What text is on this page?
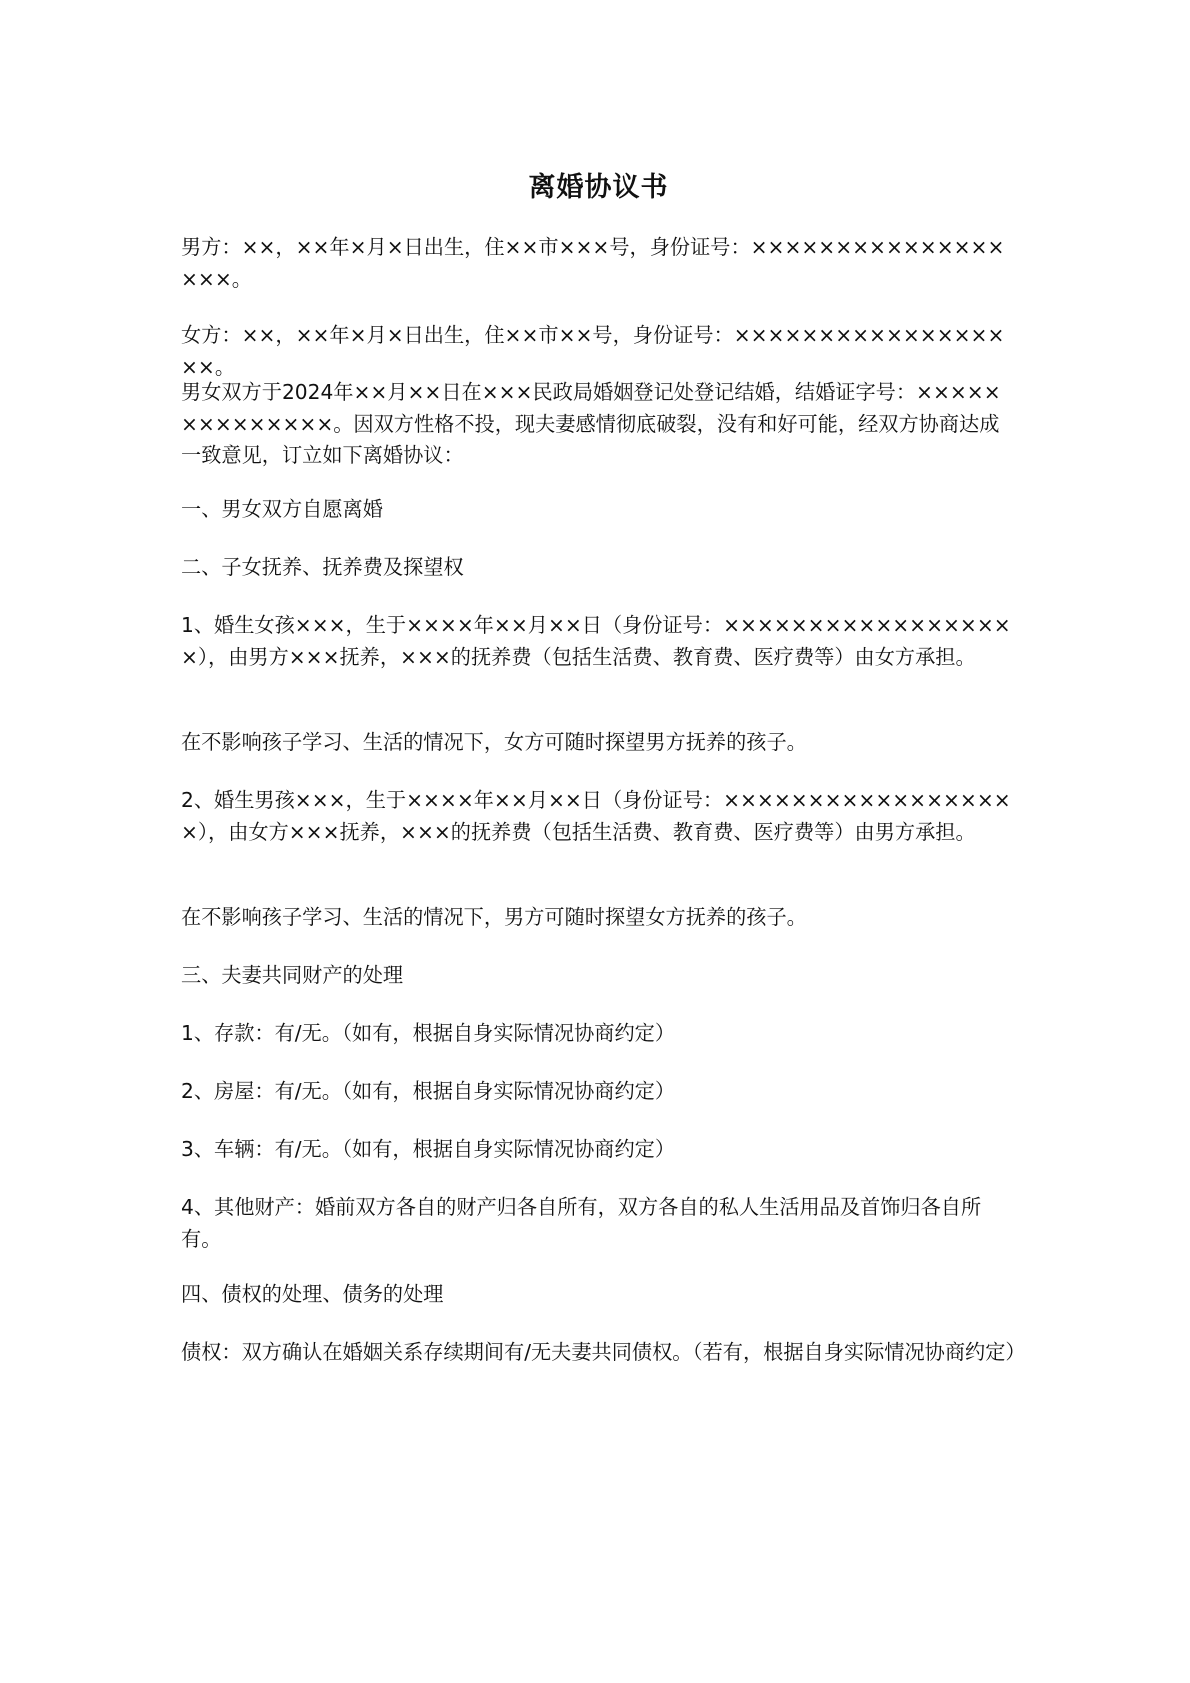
离婚协议书

男方：××，××年×月×日出生，住××市×××号，身份证号：××××××××××××××××××。

女方：××，××年×月×日出生，住××市××号，身份证号：××××××××××××××××××。

男女双方于2024年××月××日在×××民政局婚姻登记处登记结婚，结婚证字号：××××××××××××××。因双方性格不投，现夫妻感情彻底破裂，没有和好可能，经双方协商达成一致意见，订立如下离婚协议：

一、男女双方自愿离婚

二、子女抚养、抚养费及探望权

1、婚生女孩×××，生于××××年××月××日（身份证号：××××××××××××××××××），由男方×××抚养，×××的抚养费（包括生活费、教育费、医疗费等）由女方承担。

在不影响孩子学习、生活的情况下，女方可随时探望男方抚养的孩子。

2、婚生男孩×××，生于××××年××月××日（身份证号：××××××××××××××××××），由女方×××抚养，×××的抚养费（包括生活费、教育费、医疗费等）由男方承担。

在不影响孩子学习、生活的情况下，男方可随时探望女方抚养的孩子。

三、夫妻共同财产的处理

1、存款：有/无。（如有，根据自身实际情况协商约定）

2、房屋：有/无。（如有，根据自身实际情况协商约定）

3、车辆：有/无。（如有，根据自身实际情况协商约定）

4、其他财产：婚前双方各自的财产归各自所有，双方各自的私人生活用品及首饰归各自所有。

四、债权的处理、债务的处理

债权：双方确认在婚姻关系存续期间有/无夫妻共同债权。（若有，根据自身实际情况协商约定）
